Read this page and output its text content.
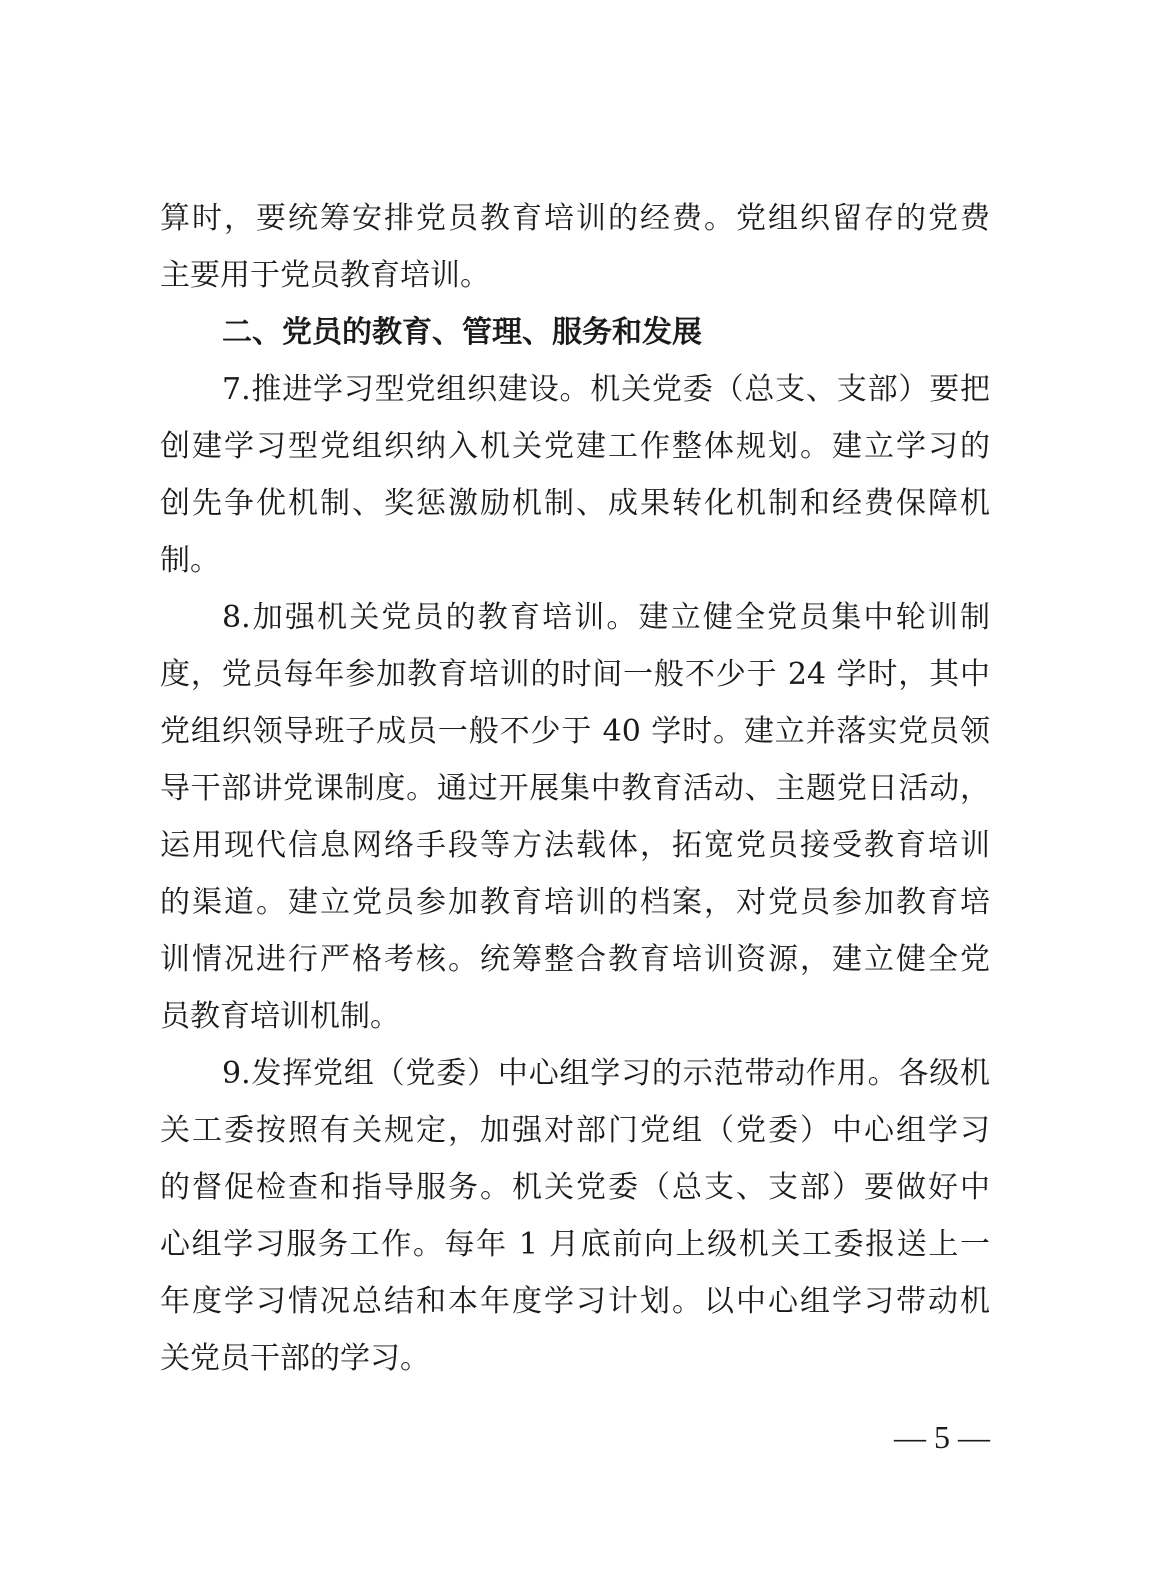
算时，要统筹安排党员教育培训的经费。党组织留存的党费
主要用于党员教育培训。
二、党员的教育、管理、服务和发展
7.推进学习型党组织建设。机关党委（总支、支部）要把
创建学习型党组织纳入机关党建工作整体规划。建立学习的
创先争优机制、奖惩激励机制、成果转化机制和经费保障机
制。
8.加强机关党员的教育培训。建立健全党员集中轮训制
度，党员每年参加教育培训的时间一般不少于 24 学时，其中
党组织领导班子成员一般不少于 40 学时。建立并落实党员领
导干部讲党课制度。通过开展集中教育活动、主题党日活动，
运用现代信息网络手段等方法载体，拓宽党员接受教育培训
的渠道。建立党员参加教育培训的档案，对党员参加教育培
训情况进行严格考核。统筹整合教育培训资源，建立健全党
员教育培训机制。
9.发挥党组（党委）中心组学习的示范带动作用。各级机
关工委按照有关规定，加强对部门党组（党委）中心组学习
的督促检查和指导服务。机关党委（总支、支部）要做好中
心组学习服务工作。每年 1 月底前向上级机关工委报送上一
年度学习情况总结和本年度学习计划。以中心组学习带动机
关党员干部的学习。
— 5 —
